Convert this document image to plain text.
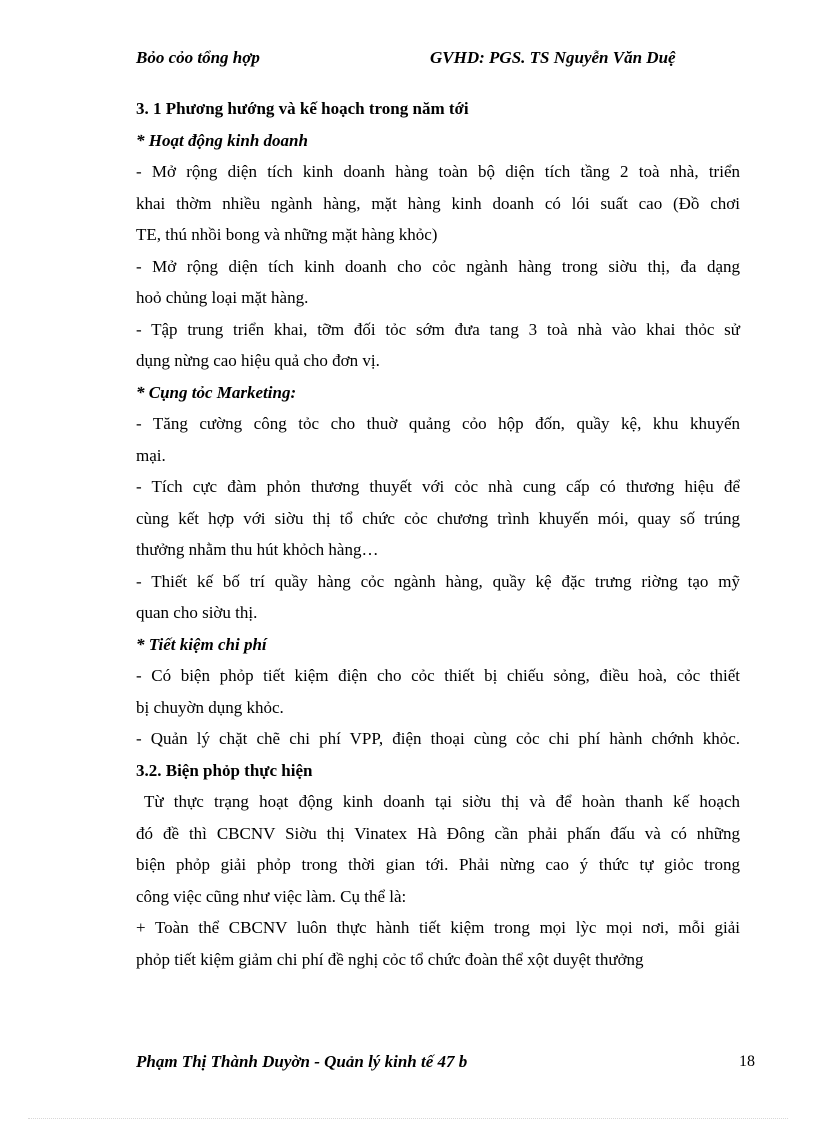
Bỏo cỏo tổng hợp	GVHD: PGS. TS Nguyễn Văn Duệ
3. 1 Phương hướng và kế hoạch trong năm tới
* Hoạt động kinh doanh
- Mở rộng diện tích kinh doanh hàng toàn bộ diện tích tầng 2 toà nhà, triển
khai thờm nhiều ngành hàng, mặt hàng kinh doanh có lói suất cao (Đồ chơi
TE, thú nhồi bong và những mặt hàng khỏc)
- Mở rộng diện tích kinh doanh cho cỏc ngành hàng trong siờu thị, đa dạng
hoỏ chủng loại mặt hàng.
- Tập trung triển khai, tỡm đối tỏc sớm đưa tang 3 toà nhà vào khai thỏc sử
dụng nừng cao hiệu quả cho đơn vị.
* Cụng tỏc Marketing:
- Tăng cường công tỏc cho thuờ quảng cỏo hộp đốn, quầy kệ, khu khuyến
mại.
- Tích cực đàm phỏn thương thuyết với cỏc nhà cung cấp có thương hiệu để
cùng kết hợp với siờu thị tổ chức cỏc chương trình khuyến mói, quay số trúng
thưởng nhằm thu hút khỏch hàng…
- Thiết kế bố trí quầy hàng cỏc ngành hàng, quầy kệ đặc trưng riờng tạo mỹ
quan cho siờu thị.
* Tiết kiệm chi phí
- Có biện phỏp tiết kiệm điện cho cỏc thiết bị chiếu sỏng, điều hoà, cỏc thiết
bị chuyờn dụng khỏc.
- Quản lý chặt chẽ chi phí VPP, điện thoại cùng cỏc chi phí hành chớnh khỏc.
3.2. Biện phỏp thực hiện
Từ thực trạng hoạt động kinh doanh tại siờu thị và để hoàn thanh kế hoạch
đó đề thì CBCNV Siờu thị Vinatex Hà Đông cần phải phấn đấu và có những
biện phỏp giải phỏp trong thời gian tới. Phải nừng cao ý thức tự giỏc trong
công việc cũng như việc làm. Cụ thể là:
+ Toàn thể CBCNV luôn thực hành tiết kiệm trong mọi lỳc mọi nơi, mỗi giải
phỏp tiết kiệm giảm chi phí đề nghị cỏc tổ chức đoàn thể xột duyệt thưởng
Phạm Thị Thành Duyờn - Quản lý kinh tế 47 b	18
